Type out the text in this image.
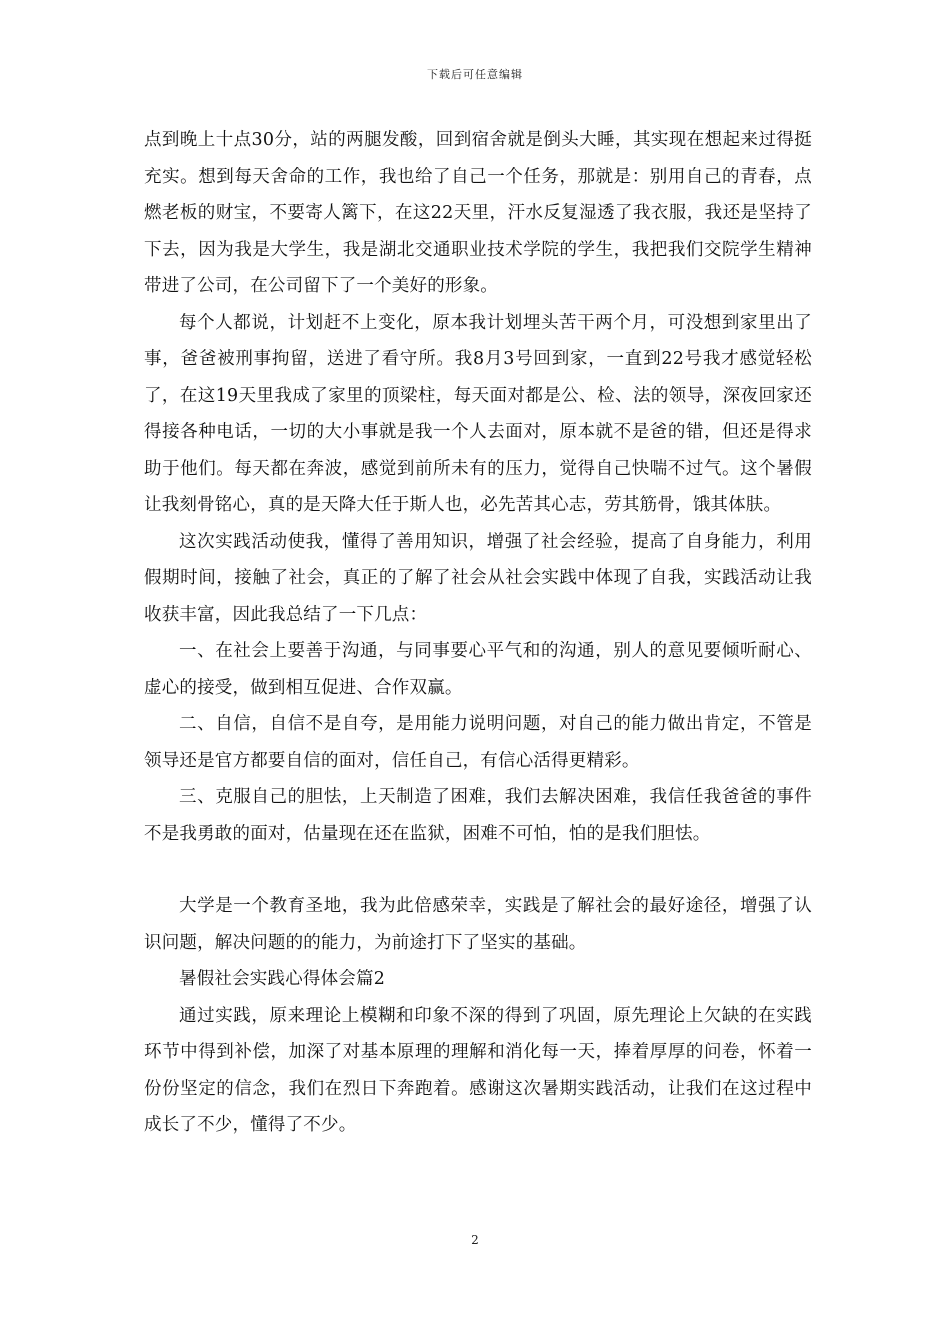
下载后可任意编辑

点到晚上十点30分，站的两腿发酸，回到宿舍就是倒头大睡，其实现在想起来过得挺充实。想到每天舍命的工作，我也给了自己一个任务，那就是：别用自己的青春，点燃老板的财宝，不要寄人篱下，在这22天里，汗水反复湿透了我衣服，我还是坚持了下去，因为我是大学生，我是湖北交通职业技术学院的学生，我把我们交院学生精神带进了公司，在公司留下了一个美好的形象。

每个人都说，计划赶不上变化，原本我计划埋头苦干两个月，可没想到家里出了事，爸爸被刑事拘留，送进了看守所。我8月3号回到家，一直到22号我才感觉轻松了，在这19天里我成了家里的顶梁柱，每天面对都是公、检、法的领导，深夜回家还得接各种电话，一切的大小事就是我一个人去面对，原本就不是爸的错，但还是得求助于他们。每天都在奔波，感觉到前所未有的压力，觉得自己快喘不过气。这个暑假让我刻骨铭心，真的是天降大任于斯人也，必先苦其心志，劳其筋骨，饿其体肤。

这次实践活动使我，懂得了善用知识，增强了社会经验，提高了自身能力，利用假期时间，接触了社会，真正的了解了社会从社会实践中体现了自我，实践活动让我收获丰富，因此我总结了一下几点：

一、在社会上要善于沟通，与同事要心平气和的沟通，别人的意见要倾听耐心、虚心的接受，做到相互促进、合作双赢。

二、自信，自信不是自夸，是用能力说明问题，对自己的能力做出肯定，不管是领导还是官方都要自信的面对，信任自己，有信心活得更精彩。

三、克服自己的胆怯，上天制造了困难，我们去解决困难，我信任我爸爸的事件不是我勇敢的面对，估量现在还在监狱，困难不可怕，怕的是我们胆怯。

大学是一个教育圣地，我为此倍感荣幸，实践是了解社会的最好途径，增强了认识问题，解决问题的的能力，为前途打下了坚实的基础。

暑假社会实践心得体会篇2

通过实践，原来理论上模糊和印象不深的得到了巩固，原先理论上欠缺的在实践环节中得到补偿，加深了对基本原理的理解和消化每一天，捧着厚厚的问卷，怀着一份份坚定的信念，我们在烈日下奔跑着。感谢这次暑期实践活动，让我们在这过程中成长了不少，懂得了不少。

2
